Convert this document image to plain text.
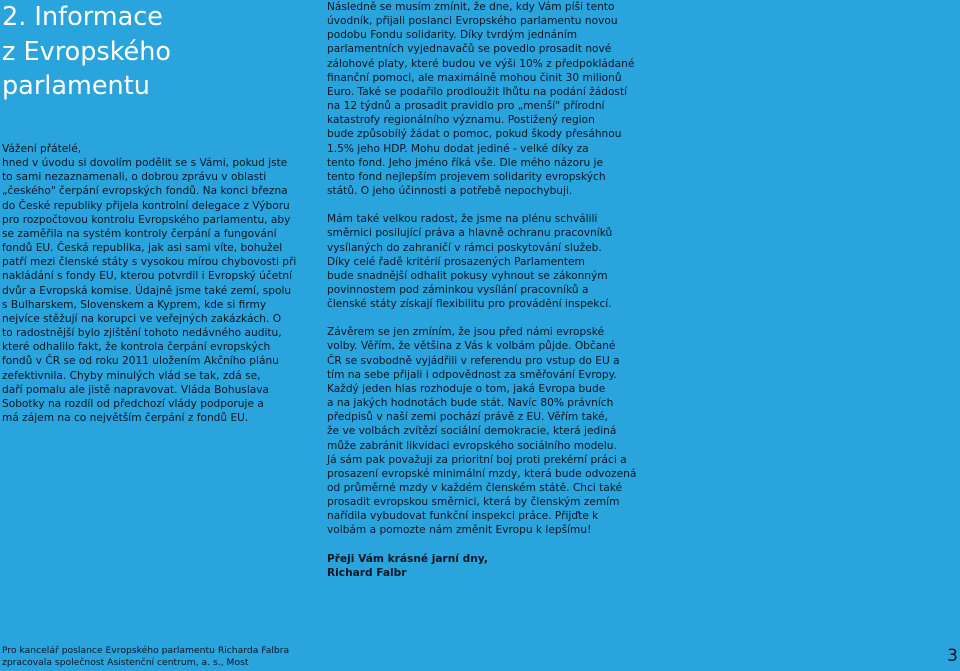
2. Informace
z Evropského
parlamentu

Vážení přátelé,
hned v úvodu si dovolím podělit se s Vámi, pokud jste
to sami nezaznamenali, o dobrou zprávu v oblasti
„českého" čerpání evropských fondů. Na konci března
do České republiky přijela kontrolní delegace z Výboru
pro rozpočtovou kontrolu Evropského parlamentu, aby
se zaměřila na systém kontroly čerpání a fungování
fondů EU. Česká republika, jak asi sami víte, bohužel
patří mezi členské státy s vysokou mírou chybovosti při
nakládání s fondy EU, kterou potvrdil i Evropský účetní
dvůr a Evropská komise. Údajně jsme také zemí, spolu
s Bulharskem, Slovenskem a Kyprem, kde si firmy
nejvíce stěžují na korupci ve veřejných zakázkách. O
to radostnější bylo zjištění tohoto nedávného auditu,
které odhalilo fakt, že kontrola čerpání evropských
fondů v ČR se od roku 2011 uložením Akčního plánu
zefektivnila. Chyby minulých vlád se tak, zdá se,
daří pomalu ale jistě napravovat. Vláda Bohuslava
Sobotky na rozdíl od předchozí vlády podporuje a
má zájem na co největším čerpání z fondů EU.

Následně se musím zmínit, že dne, kdy Vám píši tento
úvodník, přijali poslanci Evropského parlamentu novou
podobu Fondu solidarity. Díky tvrdým jednáním
parlamentních vyjednavačů se povedlo prosadit nové
zálohové platy, které budou ve výši 10% z předpokládané
finanční pomoci, ale maximálně mohou činit 30 milionů
Euro. Také se podařilo prodloužit lhůtu na podání žádostí
na 12 týdnů a prosadit pravidlo pro „menší" přírodní
katastrofy regionálního významu. Postižený region
bude způsobilý žádat o pomoc, pokud škody přesáhnou
1.5% jeho HDP. Mohu dodat jediné - velké díky za
tento fond. Jeho jméno říká vše. Dle mého názoru je
tento fond nejlepším projevem solidarity evropských
států. O jeho účinnosti a potřebě nepochybuji.

Mám také velkou radost, že jsme na plénu schválili
směrnici posilující práva a hlavně ochranu pracovníků
vysílaných do zahraničí v rámci poskytování služeb.
Díky celé řadě kritérií prosazených Parlamentem
bude snadnější odhalit pokusy vyhnout se zákonným
povinnostem pod záminkou vysílání pracovníků a
členské státy získají flexibilitu pro provádění inspekcí.

Závěrem se jen zmíním, že jsou před námi evropské
volby. Věřím, že většina z Vás k volbám půjde. Občané
ČR se svobodně vyjádřili v referendu pro vstup do EU a
tím na sebe přijali i odpovědnost za směřování Evropy.
Každý jeden hlas rozhoduje o tom, jaká Evropa bude
a na jakých hodnotách bude stát. Navíc 80% právních
předpisů v naší zemi pochází právě z EU. Věřím také,
že ve volbách zvítězí sociální demokracie, která jediná
může zabránit likvidaci evropského sociálního modelu.
Já sám pak považuji za prioritní boj proti prekérní práci a
prosazení evropské minimální mzdy, která bude odvozená
od průměrné mzdy v každém členském státě. Chci také
prosadit evropskou směrnici, která by členským zemím
nařídila vybudovat funkční inspekci práce. Přijďte k
volbám a pomozte nám změnit Evropu k lepšímu!

Přeji Vám krásné jarní dny,
Richard Falbr

Pro kancelář poslance Evropského parlamentu Richarda Falbra
zpracovala společnost Asistenční centrum, a. s., Most	3
